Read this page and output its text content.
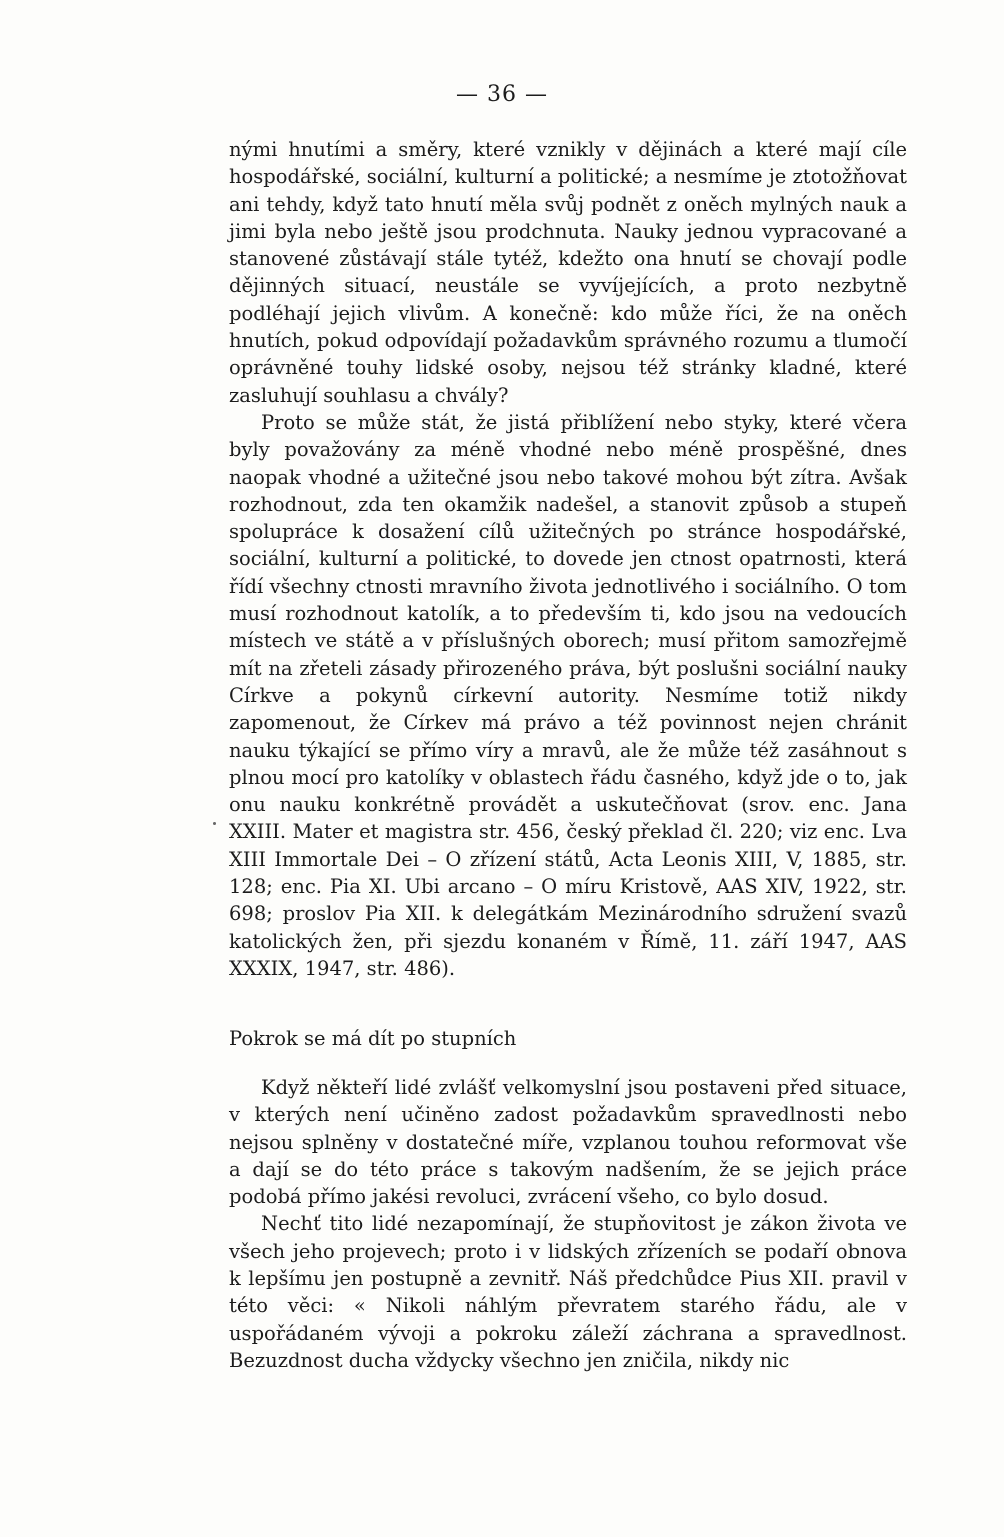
— 36 —

nými hnutími a směry, které vznikly v dějinách a které mají cíle hospodářské, sociální, kulturní a politické; a nesmíme je ztotožňovat ani tehdy, když tato hnutí měla svůj podnět z oněch mylných nauk a jimi byla nebo ještě jsou prodchnuta. Nauky jednou vypracované a stanovené zůstávají stále tytéž, kdežto ona hnutí se chovají podle dějinných situací, neustále se vyvíjejících, a proto nezbytně podléhají jejich vlivům. A konečně: kdo může říci, že na oněch hnutích, pokud odpovídají požadavkům správného rozumu a tlumočí oprávněné touhy lidské osoby, nejsou též stránky kladné, které zasluhují souhlasu a chvály?

Proto se může stát, že jistá přiblížení nebo styky, které včera byly považovány za méně vhodné nebo méně prospěšné, dnes naopak vhodné a užitečné jsou nebo takové mohou být zítra. Avšak rozhodnout, zda ten okamžik nadešel, a stanovit způsob a stupeň spolupráce k dosažení cílů užitečných po stránce hospodářské, sociální, kulturní a politické, to dovede jen ctnost opatrnosti, která řídí všechny ctnosti mravního života jednotlivého i sociálního. O tom musí rozhodnout katolík, a to především ti, kdo jsou na vedoucích místech ve státě a v příslušných oborech; musí přitom samozřejmě mít na zřeteli zásady přirozeného práva, být poslušni sociální nauky Církve a pokynů církevní autority. Nesmíme totiž nikdy zapomenout, že Církev má právo a též povinnost nejen chránit nauku týkající se přímo víry a mravů, ale že může též zasáhnout s plnou mocí pro katolíky v oblastech řádu časného, když jde o to, jak onu nauku konkrétně provádět a uskutečňovat (srov. enc. Jana XXIII. Mater et magistra str. 456, český překlad čl. 220; viz enc. Lva XIII Immortale Dei – O zřízení států, Acta Leonis XIII, V, 1885, str. 128; enc. Pia XI. Ubi arcano – O míru Kristově, AAS XIV, 1922, str. 698; proslov Pia XII. k delegátkám Mezinárodního sdružení svazů katolických žen, při sjezdu konaném v Římě, 11. září 1947, AAS XXXIX, 1947, str. 486).

Pokrok se má dít po stupních

Když někteří lidé zvlášť velkomyslní jsou postaveni před situace, v kterých není učiněno zadost požadavkům spravedlnosti nebo nejsou splněny v dostatečné míře, vzplanou touhou reformovat vše a dají se do této práce s takovým nadšením, že se jejich práce podobá přímo jakési revoluci, zvrácení všeho, co bylo dosud.

Nechť tito lidé nezapomínají, že stupňovitost je zákon života ve všech jeho projevech; proto i v lidských zřízeních se podaří obnova k lepšímu jen postupně a zevnitř. Náš předchůdce Pius XII. pravil v této věci: « Nikoli náhlým převratem starého řádu, ale v uspořádaném vývoji a pokroku záleží záchrana a spravedlnost. Bezuzdnost ducha vždycky všechno jen zničila, nikdy nic
